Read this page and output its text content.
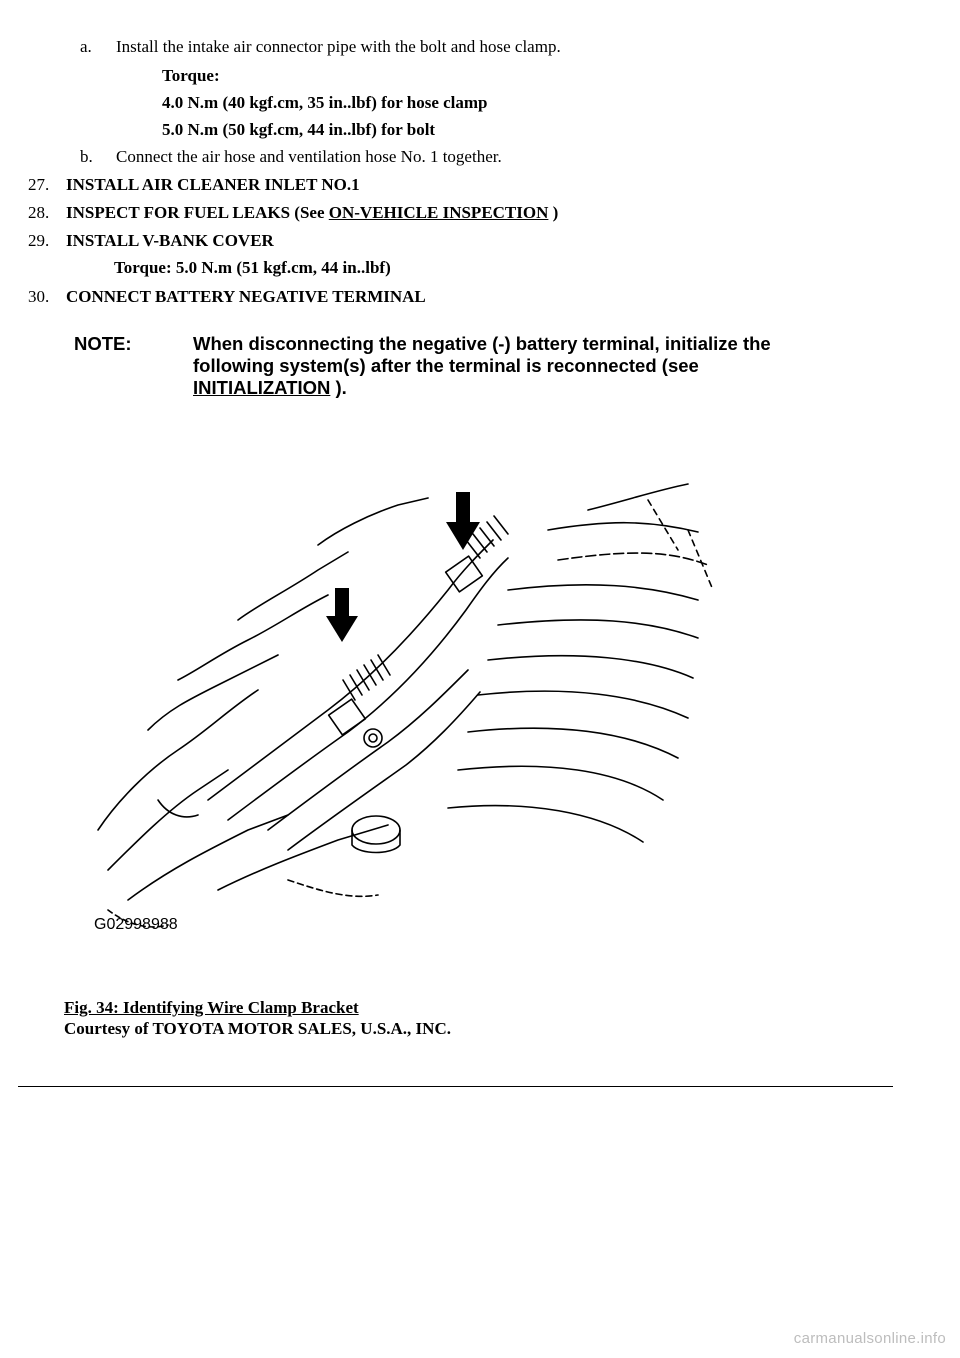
a. Install the intake air connector pipe with the bolt and hose clamp.
Torque:
4.0 N.m (40 kgf.cm, 35 in..lbf) for hose clamp
5.0 N.m (50 kgf.cm, 44 in..lbf) for bolt
b. Connect the air hose and ventilation hose No. 1 together.
27. INSTALL AIR CLEANER INLET NO.1
28. INSPECT FOR FUEL LEAKS (See ON-VEHICLE INSPECTION )
29. INSTALL V-BANK COVER
Torque: 5.0 N.m (51 kgf.cm, 44 in..lbf)
30. CONNECT BATTERY NEGATIVE TERMINAL
NOTE:	When disconnecting the negative (-) battery terminal, initialize the
following system(s) after the terminal is reconnected (see
INITIALIZATION ).
G02998988
Fig. 34: Identifying Wire Clamp Bracket
Courtesy of TOYOTA MOTOR SALES, U.S.A., INC.
carmanualsonline.info
